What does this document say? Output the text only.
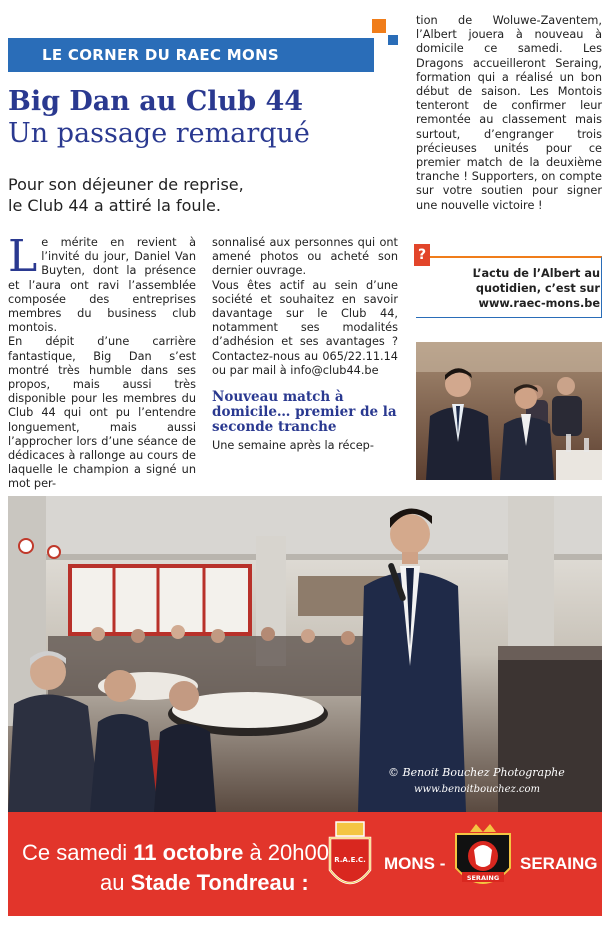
LE CORNER DU RAEC MONS
Big Dan au Club 44
Un passage remarqué
Pour son déjeuner de reprise,
le Club 44 a attiré la foule.

Le mérite en revient à l’invité du jour, Daniel Van Buyten, dont la présence et l’aura ont ravi l’assemblée composée des entreprises membres du business club montois.

En dépit d’une carrière fantastique, Big Dan s’est montré très humble dans ses propos, mais aussi très disponible pour les membres du Club 44 qui ont pu l’entendre longuement, mais aussi l’approcher lors d’une séance de dédicaces à rallonge au cours de laquelle le champion a signé un mot per-

sonnalisé aux personnes qui ont amené photos ou acheté son dernier ouvrage.

Vous êtes actif au sein d’une société et souhaitez en savoir davantage sur le Club 44, notamment ses modalités d’adhésion et ses avantages ? Contactez-nous au 065/22.11.14 ou par mail à info@club44.be

Nouveau match à domicile… premier de la seconde tranche

Une semaine après la récep-

tion de Woluwe-Zaventem, l’Albert jouera à nouveau à domicile ce samedi. Les Dragons accueilleront Seraing, formation qui a réalisé un bon début de saison. Les Montois tenteront de confirmer leur remontée au classement mais surtout, d’engranger trois précieuses unités pour ce premier match de la deuxième tranche ! Supporters, on compte sur votre soutien pour signer une nouvelle victoire !

?
L’actu de l’Albert au
quotidien, c’est sur
www.raec-mons.be
© Benoit Bouchez Photographe
www.benoitbouchez.com
Ce samedi 11 octobre à 20h00
au Stade Tondreau :
R.A.E.C. MONS -
SERAING
SERAING
